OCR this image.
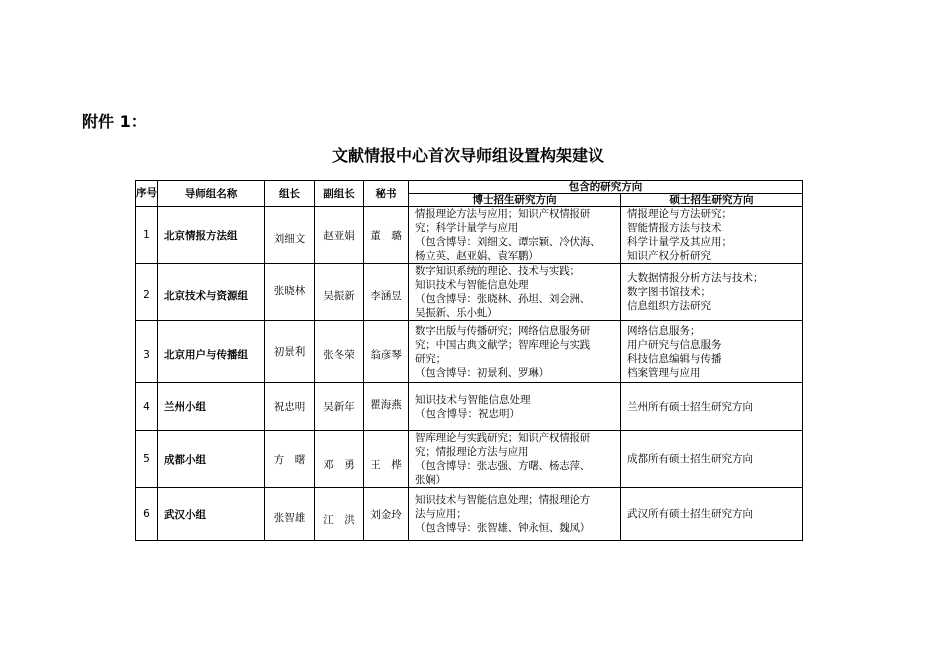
附件 1：
文献情报中心首次导师组设置构架建议
序号	导师组名称	组长	副组长	秘书	包含的研究方向	
					博士招生研究方向	硕士招生研究方向
1	北京情报方法组	刘细文	赵亚娟	董　璐	情报理论方法与应用；知识产权情报研
究；科学计量学与应用
（包含博导：刘细文、谭宗颖、冷伏海、
杨立英、赵亚娟、袁军鹏）	情报理论与方法研究；
智能情报方法与技术
科学计量学及其应用；
知识产权分析研究

2	北京技术与资源组	张晓林	吴振新	李涵昱	数字知识系统的理论、技术与实践；
知识技术与智能信息处理
（包含博导：张晓林、孙坦、刘会洲、
吴振新、乐小虬）	大数据情报分析方法与技术；
数字图书馆技术；
信息组织方法研究

3	北京用户与传播组	初景利	张冬荣	翁彦琴	数字出版与传播研究；网络信息服务研
究；中国古典文献学；智库理论与实践
研究；
（包含博导：初景利、罗琳）	网络信息服务；
用户研究与信息服务
科技信息编辑与传播
档案管理与应用

4	兰州小组	祝忠明	吴新年	瞿海燕	知识技术与智能信息处理
（包含博导：祝忠明）	兰州所有硕士招生研究方向

5	成都小组	方　曙	邓　勇	王　桦	智库理论与实践研究；知识产权情报研
究；情报理论方法与应用
（包含博导：张志强、方曙、杨志萍、
张娴）	成都所有硕士招生研究方向

6	武汉小组	张智雄	江　洪	刘金玲	知识技术与智能信息处理；情报理论方
法与应用；
（包含博导：张智雄、钟永恒、魏凤）	武汉所有硕士招生研究方向
